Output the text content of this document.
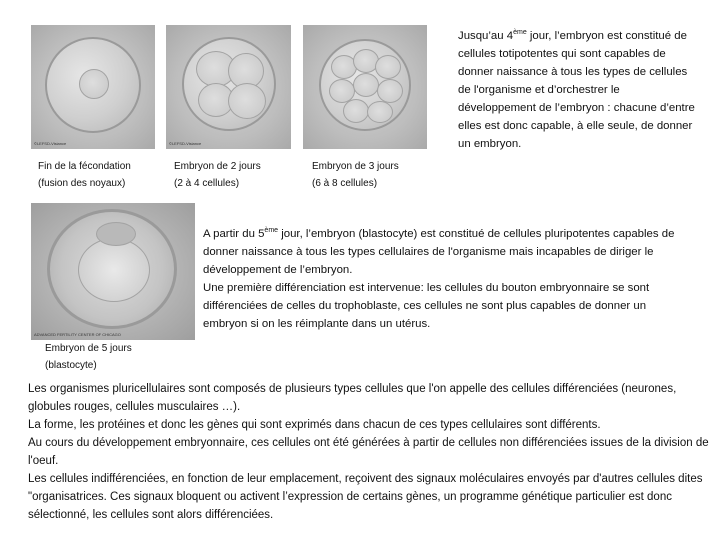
©LEFSD-Visiance	©LEFSD-Visiance
ADVANCED FERTILITY CENTER OF CHICAGO
Fin de la fécondation
(fusion des noyaux)
Embryon de 2 jours
(2 à 4 cellules)
Embryon de 3 jours
(6 à 8 cellules)
Embryon de 5 jours
(blastocyte)
Jusqu’au 4ème jour, l’embryon est constitué de cellules totipotentes qui sont capables de donner naissance à tous les types de cellules de l'organisme et d’orchestrer le développement de l’embryon : chacune d’entre elles est donc capable, à elle seule, de donner un embryon.
A partir du 5ème jour, l’embryon (blastocyte) est constitué de cellules pluripotentes capables de donner naissance à tous les types cellulaires de l'organisme mais incapables de diriger le développement de l’embryon.
Une première différenciation est intervenue: les cellules du bouton embryonnaire se sont différenciées de celles du trophoblaste, ces cellules ne sont plus capables de donner un embryon si on les réimplante dans un utérus.
Les organismes pluricellulaires sont composés de plusieurs types cellules que l'on appelle des cellules différenciées (neurones, globules rouges, cellules musculaires …).
La forme, les protéines et donc les gènes qui sont exprimés dans chacun de ces types cellulaires sont différents.
Au cours du développement embryonnaire, ces cellules ont été générées à partir de cellules non différenciées issues de la division de l'oeuf.
Les cellules indifférenciées, en fonction de leur emplacement, reçoivent des signaux moléculaires envoyés par d'autres cellules dites "organisatrices. Ces signaux bloquent ou activent l’expression de certains gènes, un programme génétique particulier est donc sélectionné, les cellules sont alors différenciées.
